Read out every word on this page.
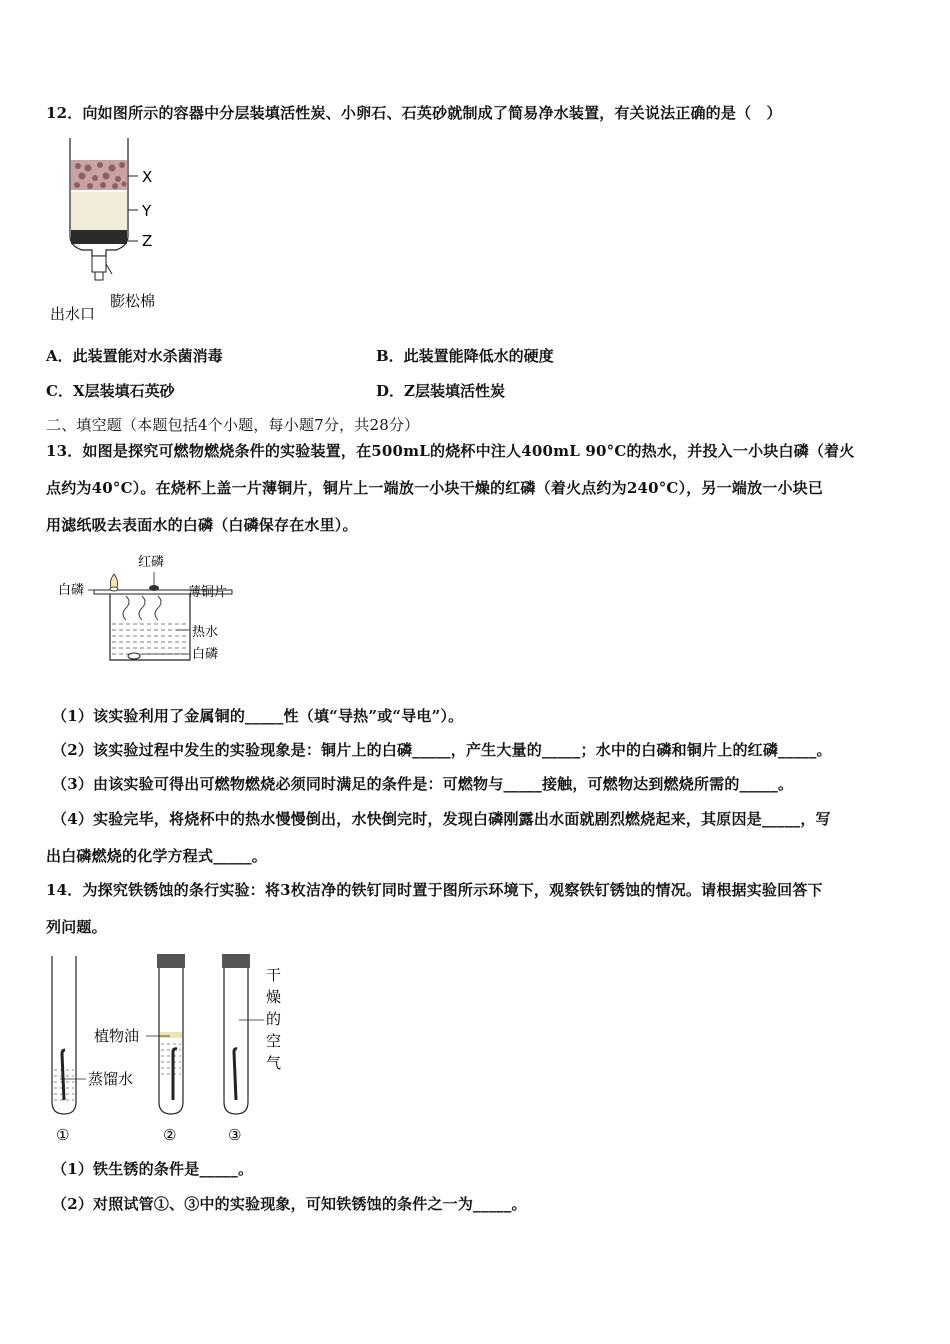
12．向如图所示的容器中分层装填活性炭、小卵石、石英砂就制成了简易净水装置，有关说法正确的是（　）
X
Y
Z
膨松棉
出水口
A．此装置能对水杀菌消毒	B．此装置能降低水的硬度
C．X层装填石英砂	D．Z层装填活性炭
二、填空题（本题包括4个小题，每小题7分，共28分）
13．如图是探究可燃物燃烧条件的实验装置，在500mL的烧杯中注人400mL 90°C的热水，并投入一小块白磷（着火
点约为40°C）。在烧杯上盖一片薄铜片，铜片上一端放一小块干燥的红磷（着火点约为240°C），另一端放一小块已
用滤纸吸去表面水的白磷（白磷保存在水里）。
红磷
白磷	薄铜片
热水
白磷
（1）该实验利用了金属铜的_____性（填“导热”或“导电”）。
（2）该实验过程中发生的实验现象是：铜片上的白磷_____，产生大量的_____；水中的白磷和铜片上的红磷_____。
（3）由该实验可得出可燃物燃烧必须同时满足的条件是：可燃物与_____接触，可燃物达到燃烧所需的_____。
（4）实验完毕，将烧杯中的热水慢慢倒出，水快倒完时，发现白磷刚露出水面就剧烈燃烧起来，其原因是_____，写
出白磷燃烧的化学方程式_____。
14．为探究铁锈蚀的条行实验：将3枚洁净的铁钉同时置于图所示环境下，观察铁钉锈蚀的情况。请根据实验回答下
列问题。
蒸馏水
植物油
干
燥
的
空
气
①	②	③
（1）铁生锈的条件是_____。
（2）对照试管①、③中的实验现象，可知铁锈蚀的条件之一为_____。
